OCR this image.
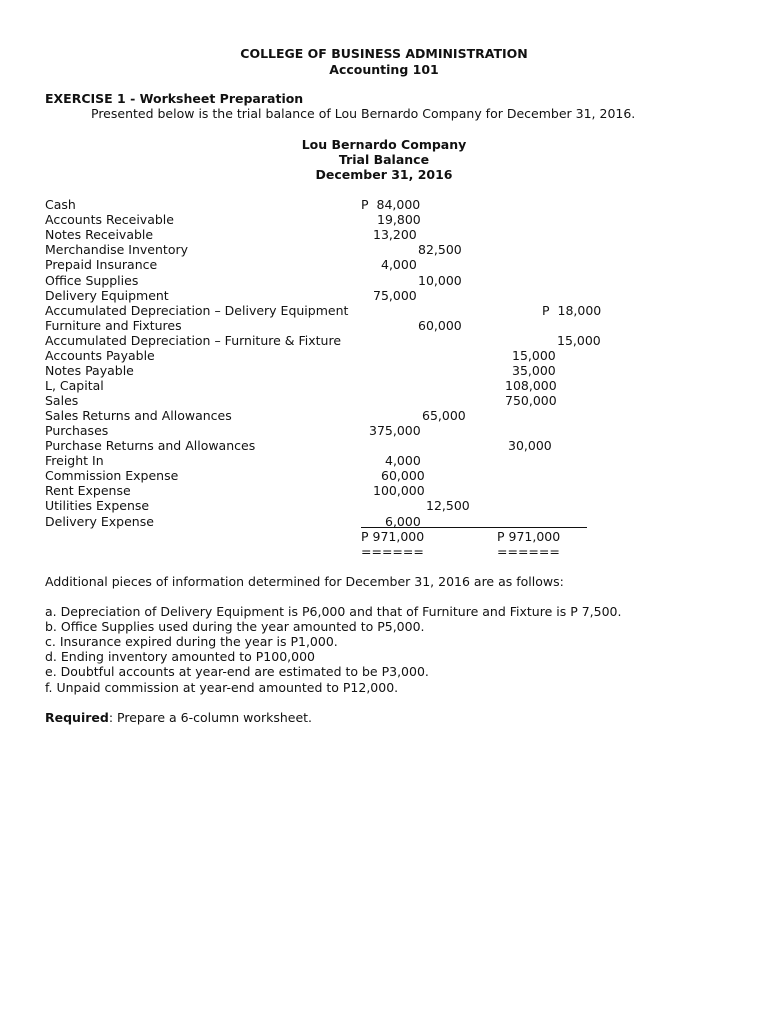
COLLEGE OF BUSINESS ADMINISTRATION
Accounting 101
EXERCISE 1 - Worksheet Preparation
Presented below is the trial balance of Lou Bernardo Company for December 31, 2016.
Lou Bernardo Company
Trial Balance
December 31, 2016
Cash
Accounts Receivable
Notes Receivable
Merchandise Inventory
Prepaid Insurance
Office Supplies
Delivery Equipment
Accumulated Depreciation – Delivery Equipment
Furniture and Fixtures
Accumulated Depreciation – Furniture & Fixture
Accounts Payable
Notes Payable
L, Capital
Sales
Sales Returns and Allowances
Purchases
Purchase Returns and Allowances
Freight In
Commission Expense
Rent Expense
Utilities Expense
Delivery Expense
P  84,000
19,800
13,200
82,500
4,000
10,000
75,000
P  18,000
60,000
15,000
15,000
35,000
108,000
750,000
65,000
375,000
30,000
4,000
60,000
100,000
12,500
6,000
P 971,000	P 971,000
======	======
Additional pieces of information determined for December 31, 2016 are as follows:
a. Depreciation of Delivery Equipment is P6,000 and that of Furniture and Fixture is P 7,500.
b. Office Supplies used during the year amounted to P5,000.
c. Insurance expired during the year is P1,000.
d. Ending inventory amounted to P100,000
e. Doubtful accounts at year-end are estimated to be P3,000.
f. Unpaid commission at year-end amounted to P12,000.
Required: Prepare a 6-column worksheet.
